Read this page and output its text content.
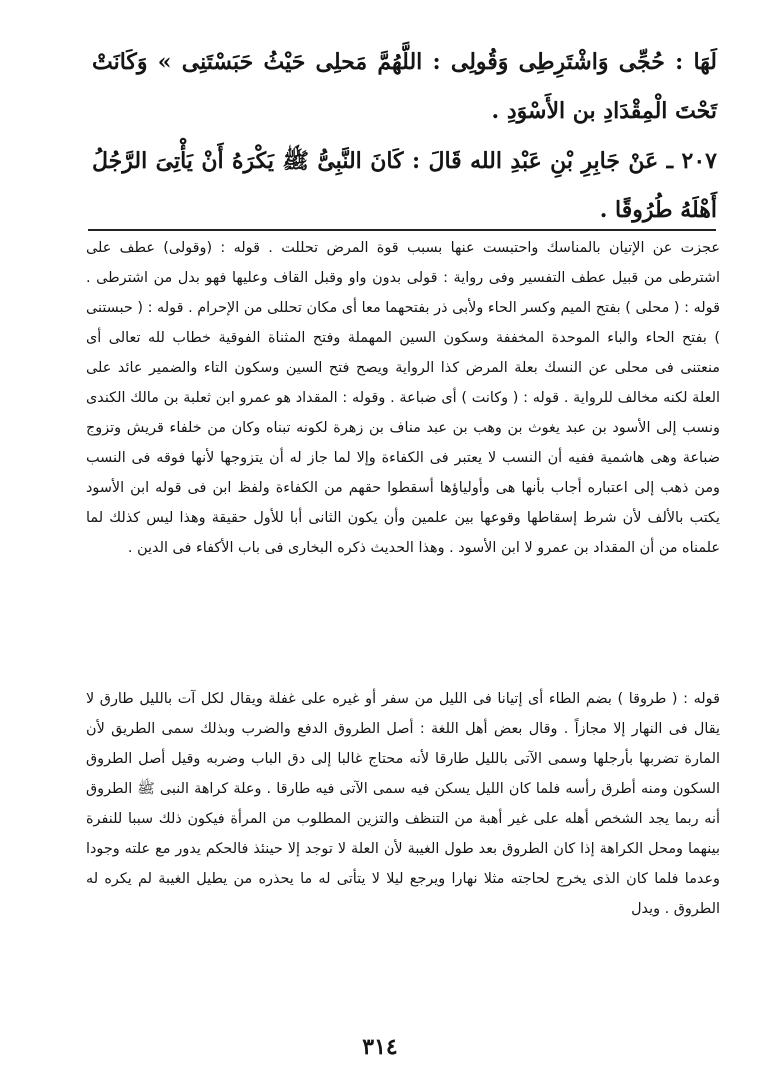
لَهَا : حُجِّى وَاشْتَرِطِى وَقُولِى : اللَّهُمَّ مَحلِى حَيْثُ حَبَسْتَنِى » وَكَانَتْ تَحْتَ الْمِقْدَادِ بن الأَسْوَدِ .

٢٠٧ ـ عَنْ جَابِرِ بْنِ عَبْدِ الله قَالَ : كَانَ النَّبِىُّ ﷺ يَكْرَهُ أَنْ يَأْتِىَ الرَّجُلُ أَهْلَهُ طُرُوقًا .

عجزت عن الإتيان بالمناسك واحتبست عنها بسبب قوة المرض تحللت . قوله : (وقولى) عطف على اشترطى من قبيل عطف التفسير وفى رواية : قولى بدون واو وقبل القاف وعليها فهو بدل من اشترطى . قوله : ( محلى ) بفتح الميم وكسر الحاء ولأبى ذر بفتحهما معا أى مكان تحللى من الإحرام . قوله : ( حبستنى ) بفتح الحاء والباء الموحدة المخففة وسكون السين المهملة وفتح المثناة الفوقية خطاب لله تعالى أى منعتنى فى محلى عن النسك بعلة المرض كذا الرواية ويصح فتح السين وسكون التاء والضمير عائد على العلة لكنه مخالف للرواية . قوله : ( وكانت ) أى ضباعة . وقوله : المقداد هو عمرو ابن ثعلبة بن مالك الكندى ونسب إلى الأسود بن عبد يغوث بن وهب بن عبد مناف بن زهرة لكونه تبناه وكان من خلفاء قريش وتزوج ضباعة وهى هاشمية ففيه أن النسب لا يعتبر فى الكفاءة وإلا لما جاز له أن يتزوجها لأنها فوقه فى النسب ومن ذهب إلى اعتباره أجاب بأنها هى وأولياؤها أسقطوا حقهم من الكفاءة ولفظ ابن فى قوله ابن الأسود يكتب بالألف لأن شرط إسقاطها وقوعها بين علمين وأن يكون الثانى أبا للأول حقيقة وهذا ليس كذلك لما علمناه من أن المقداد بن عمرو لا ابن الأسود . وهذا الحديث ذكره البخارى فى باب الأكفاء فى الدين .

قوله : ( طروقا ) بضم الطاء أى إتيانا فى الليل من سفر أو غيره على غفلة ويقال لكل آت بالليل طارق لا يقال فى النهار إلا مجازاً . وقال بعض أهل اللغة : أصل الطروق الدفع والضرب وبذلك سمى الطريق لأن المارة تضربها بأرجلها وسمى الآتى بالليل طارقا لأنه محتاج غالبا إلى دق الباب وضربه وقيل أصل الطروق السكون ومنه أطرق رأسه فلما كان الليل يسكن فيه سمى الآتى فيه طارقا . وعلة كراهة النبى ﷺ الطروق أنه ربما يجد الشخص أهله على غير أهبة من التنظف والتزين المطلوب من المرأة فيكون ذلك سببا للنفرة بينهما ومحل الكراهة إذا كان الطروق بعد طول الغيبة لأن العلة لا توجد إلا حينئذ فالحكم يدور مع علته وجودا وعدما فلما كان الذى يخرج لحاجته مثلا نهارا ويرجع ليلا لا يتأتى له ما يحذره من يطيل الغيبة لم يكره له الطروق . ويدل

٣١٤
